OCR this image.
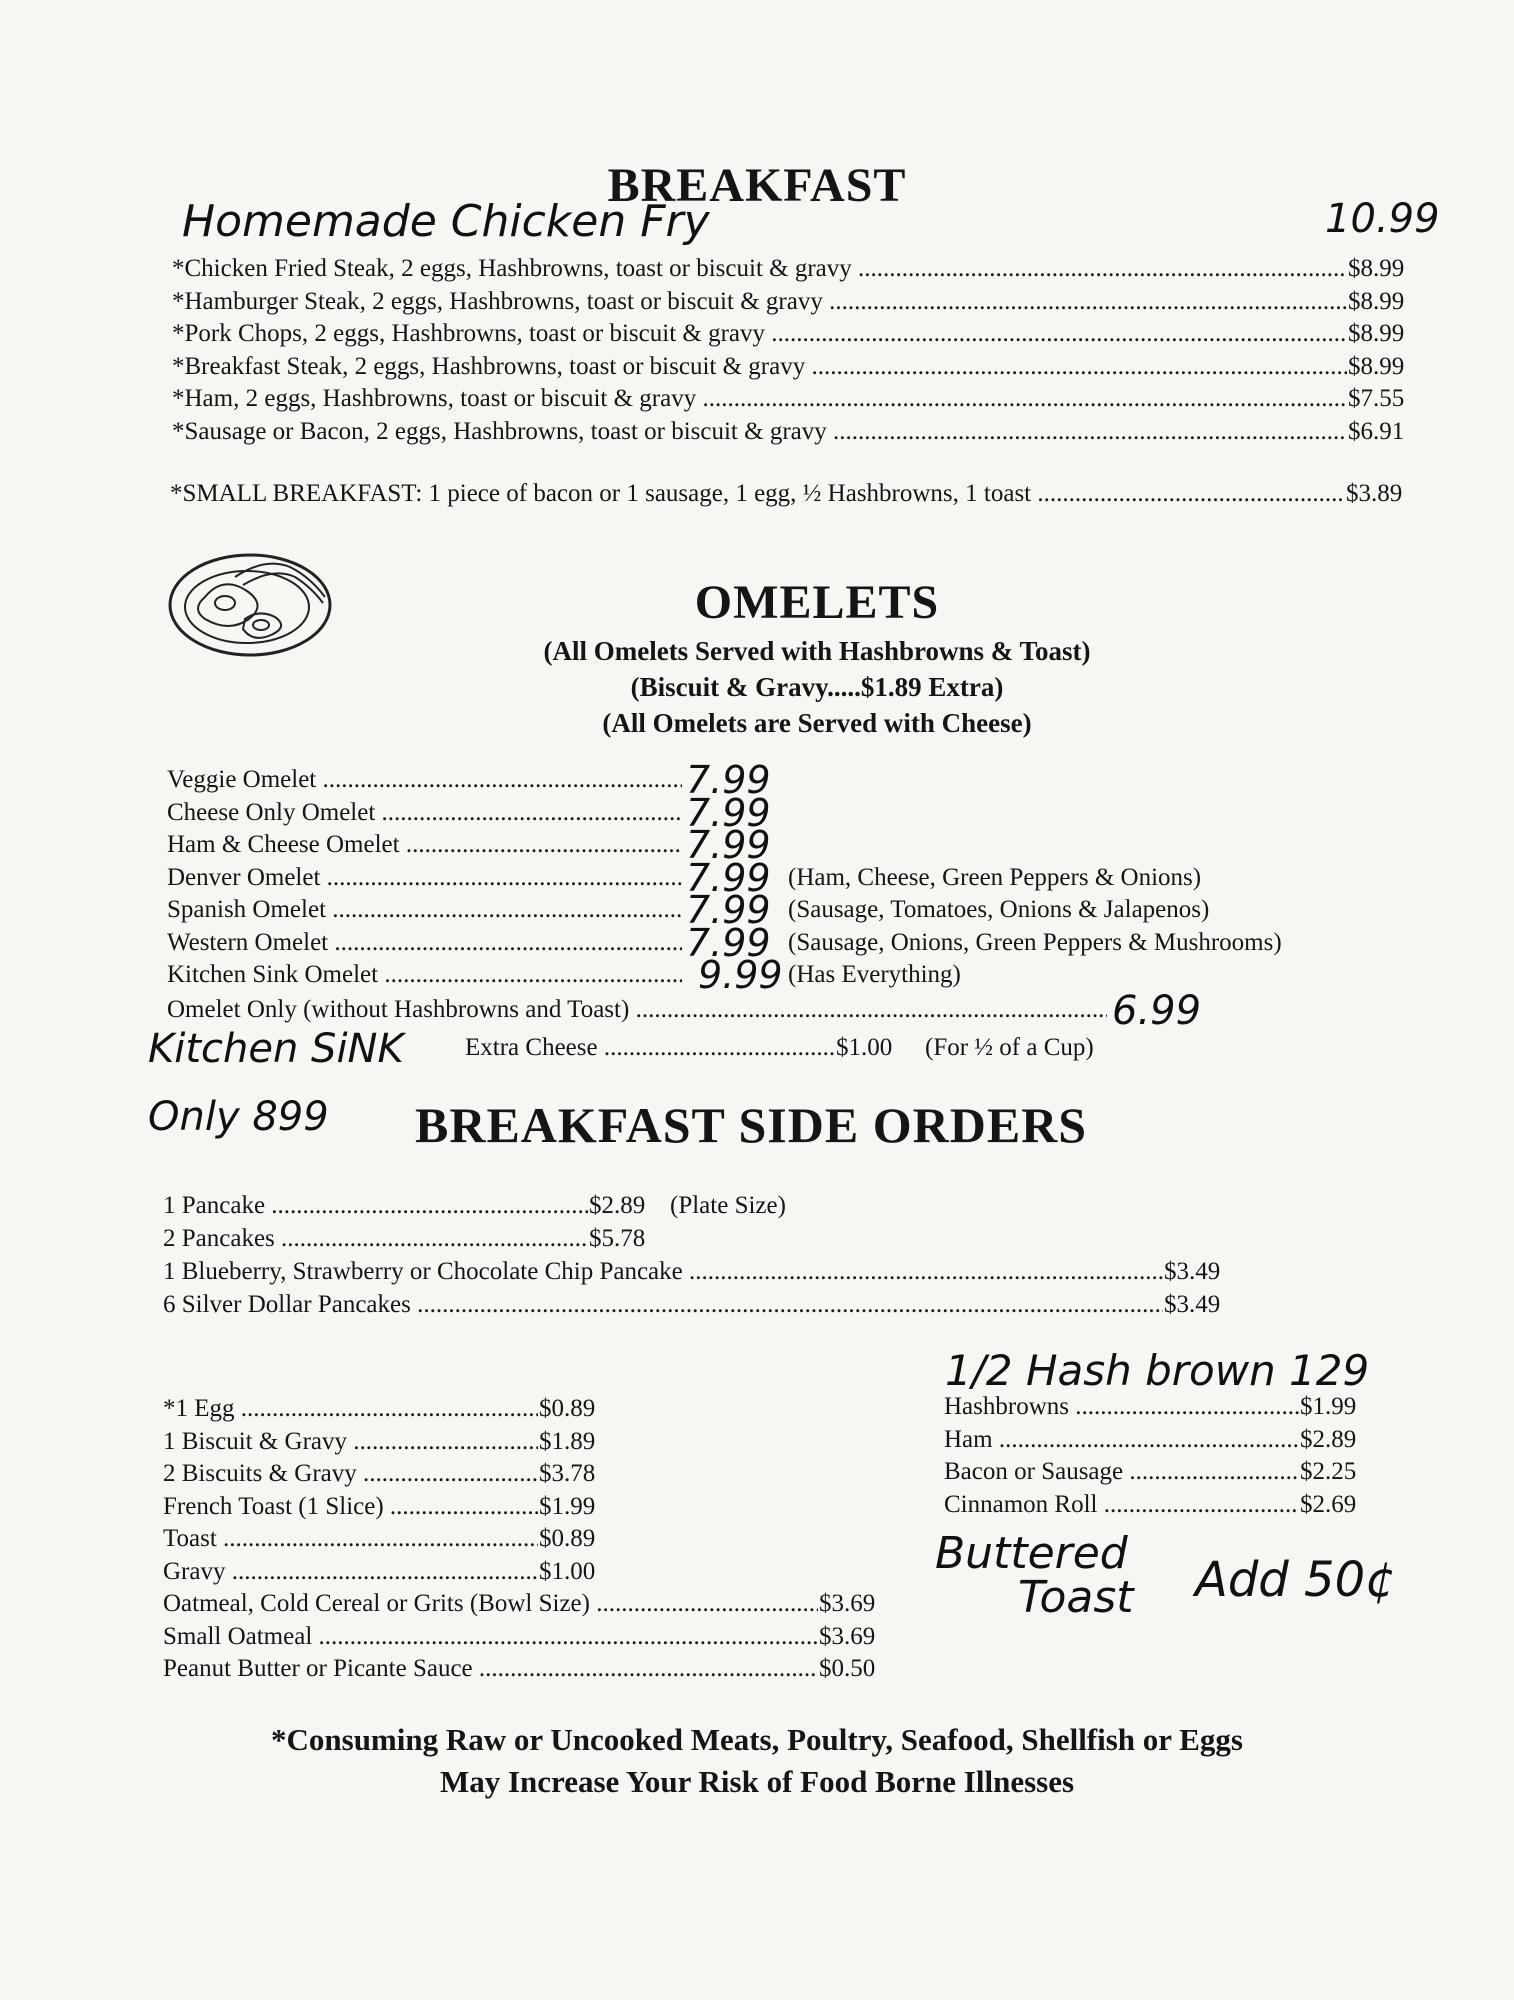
BREAKFAST
Homemade Chicken Fry	10.99
*Chicken Fried Steak, 2 eggs, Hashbrowns, toast or biscuit & gravy .....	$8.99
*Hamburger Steak, 2 eggs, Hashbrowns, toast or biscuit & gravy .....	$8.99
*Pork Chops, 2 eggs, Hashbrowns, toast or biscuit & gravy .....	$8.99
*Breakfast Steak, 2 eggs, Hashbrowns, toast or biscuit & gravy .....	$8.99
*Ham, 2 eggs, Hashbrowns, toast or biscuit & gravy .....	$7.55
*Sausage or Bacon, 2 eggs, Hashbrowns, toast or biscuit & gravy .....	$6.91
*SMALL BREAKFAST: 1 piece of bacon or 1 sausage, 1 egg, ½ Hashbrowns, 1 toast .....	$3.89
OMELETS
(All Omelets Served with Hashbrowns & Toast)
(Biscuit & Gravy.....$1.89 Extra)
(All Omelets are Served with Cheese)
Veggie Omelet .....	7.99
Cheese Only Omelet .....	7.99
Ham & Cheese Omelet .....	7.99
Denver Omelet .....	7.99 (Ham, Cheese, Green Peppers & Onions)
Spanish Omelet .....	7.99 (Sausage, Tomatoes, Onions & Jalapenos)
Western Omelet .....	7.99 (Sausage, Onions, Green Peppers & Mushrooms)
Kitchen Sink Omelet .....	9.99 (Has Everything)
Omelet Only (without Hashbrowns and Toast) .....	6.99
Kitchen SiNK Extra Cheese .....	$1.00 (For ½ of a Cup)
Only 899 BREAKFAST SIDE ORDERS
1 Pancake .....	$2.89 (Plate Size)
2 Pancakes .....	$5.78
1 Blueberry, Strawberry or Chocolate Chip Pancake .....	$3.49
6 Silver Dollar Pancakes .....	$3.49
*1 Egg .....	$0.89
1 Biscuit & Gravy .....	$1.89
2 Biscuits & Gravy .....	$3.78
French Toast (1 Slice) .....	$1.99
Toast .....	$0.89
Gravy .....	$1.00
Oatmeal, Cold Cereal or Grits (Bowl Size) .....	$3.69
Small Oatmeal .....	$3.69
Peanut Butter or Picante Sauce .....	$0.50
1/2 Hash brown 129
Hashbrowns .....	$1.99
Ham .....	$2.89
Bacon or Sausage .....	$2.25
Cinnamon Roll .....	$2.69
Buttered
Toast Add 50¢
*Consuming Raw or Uncooked Meats, Poultry, Seafood, Shellfish or Eggs
May Increase Your Risk of Food Borne Illnesses
